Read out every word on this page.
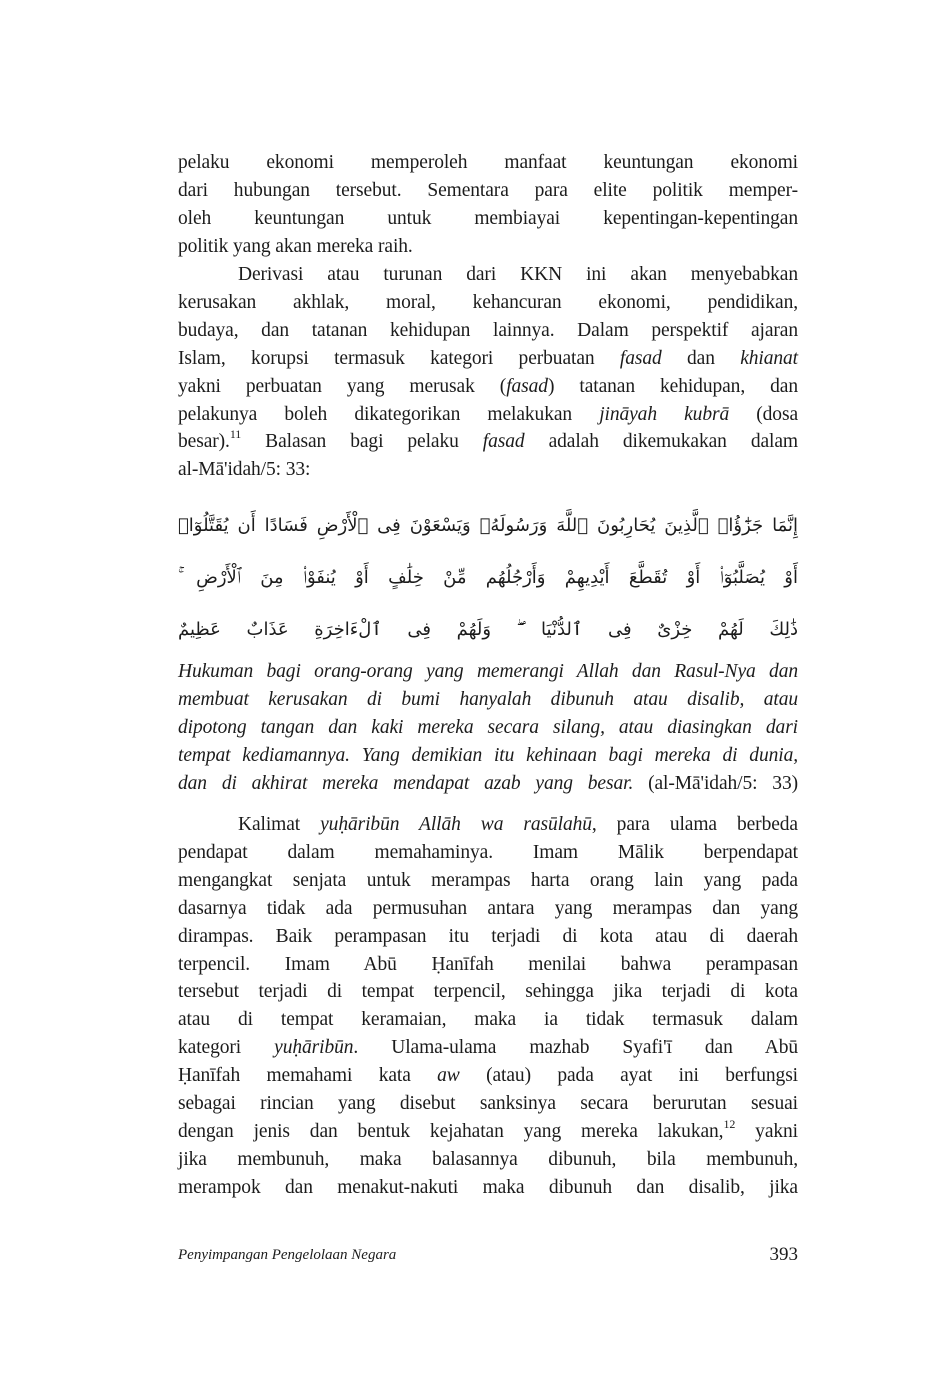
pelaku ekonomi memperoleh manfaat keuntungan ekonomi
dari hubungan tersebut. Sementara para elite politik memper-
oleh keuntungan untuk membiayai kepentingan-kepentingan
politik yang akan mereka raih.
Derivasi atau turunan dari KKN ini akan menyebabkan
kerusakan akhlak, moral, kehancuran ekonomi, pendidikan,
budaya, dan tatanan kehidupan lainnya. Dalam perspektif ajaran
Islam, korupsi termasuk kategori perbuatan fasad dan khianat
yakni perbuatan yang merusak (fasad) tatanan kehidupan, dan
pelakunya boleh dikategorikan melakukan jināyah kubrā (dosa
besar).$^{11}$ Balasan bagi pelaku fasad adalah dikemukakan dalam
al-Mā'idah/5: 33:
إِنَّمَا جَزَٰٓؤُا۟ ٱلَّذِينَ يُحَارِبُونَ ٱللَّهَ وَرَسُولَهُۥ وَيَسْعَوْنَ فِى ٱلْأَرْضِ فَسَادًا أَن يُقَتَّلُوٓا۟
أَوْ يُصَلَّبُوٓا۟ أَوْ تُقَطَّعَ أَيْدِيهِمْ وَأَرْجُلُهُم مِّنْ خِلَٰفٍ أَوْ يُنفَوْا۟ مِنَ ٱلْأَرْضِ ۚ
ذَٰلِكَ لَهُمْ خِزْىٌ فِى ٱلدُّنْيَا ۖ وَلَهُمْ فِى ٱلْءَاخِرَةِ عَذَابٌ عَظِيمٌ
Hukuman bagi orang-orang yang memerangi Allah dan Rasul-Nya dan
membuat kerusakan di bumi hanyalah dibunuh atau disalib, atau
dipotong tangan dan kaki mereka secara silang, atau diasingkan dari
tempat kediamannya. Yang demikian itu kehinaan bagi mereka di dunia,
dan di akhirat mereka mendapat azab yang besar. (al-Mā'idah/5: 33)
Kalimat yuḥāribūn Allāh wa rasūlahū, para ulama berbeda
pendapat dalam memahaminya. Imam Mālik berpendapat
mengangkat senjata untuk merampas harta orang lain yang pada
dasarnya tidak ada permusuhan antara yang merampas dan yang
dirampas. Baik perampasan itu terjadi di kota atau di daerah
terpencil. Imam Abū Ḥanīfah menilai bahwa perampasan
tersebut terjadi di tempat terpencil, sehingga jika terjadi di kota
atau di tempat keramaian, maka ia tidak termasuk dalam
kategori yuḥāribūn. Ulama-ulama mazhab Syafi'ī dan Abū
Ḥanīfah memahami kata aw (atau) pada ayat ini berfungsi
sebagai rincian yang disebut sanksinya secara berurutan sesuai
dengan jenis dan bentuk kejahatan yang mereka lakukan,$^{12}$ yakni
jika membunuh, maka balasannya dibunuh, bila membunuh,
merampok dan menakut-nakuti maka dibunuh dan disalib, jika
Penyimpangan Pengelolaan Negara	393
